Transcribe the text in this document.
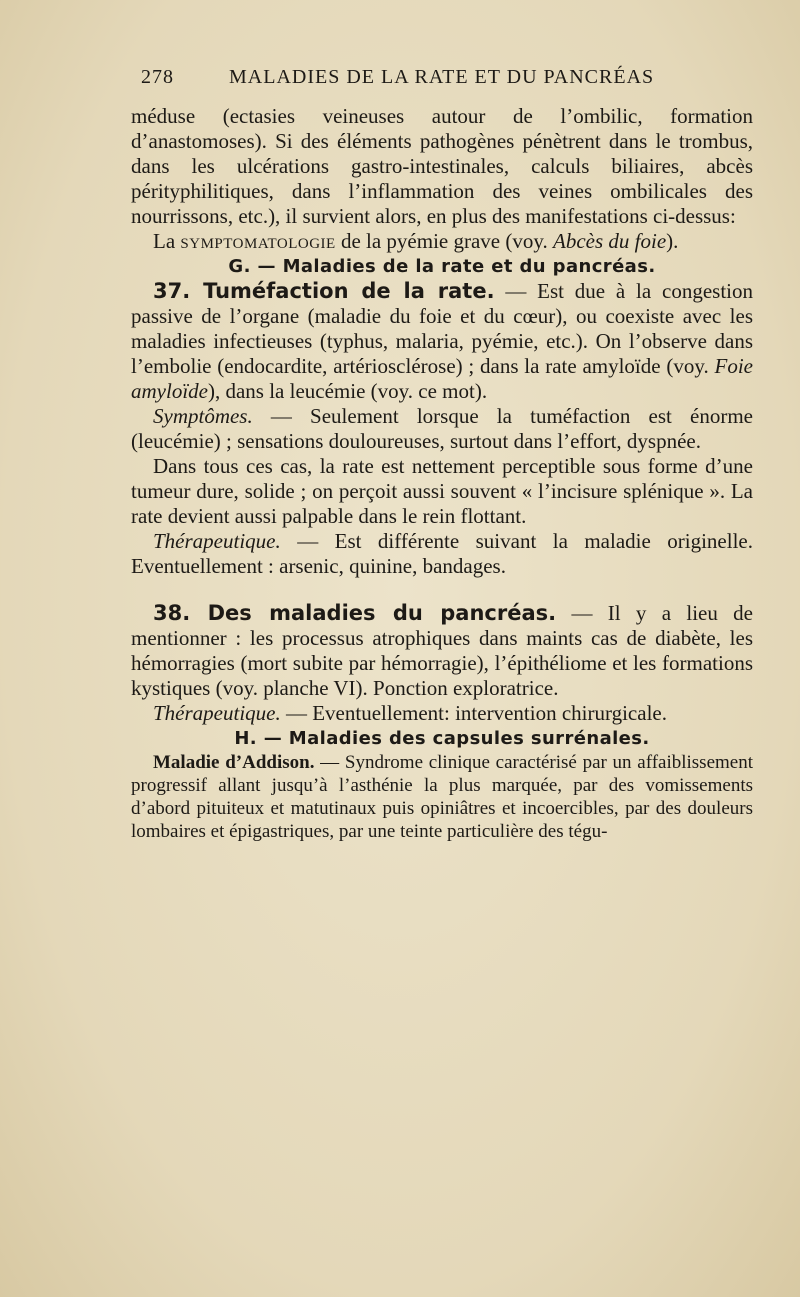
278	MALADIES DE LA RATE ET DU PANCRÉAS

méduse (ectasies veineuses autour de l’ombilic, formation d’anastomoses). Si des éléments pathogènes pénètrent dans le trombus, dans les ulcérations gastro-intestinales, calculs biliaires, abcès pérityphilitiques, dans l’inflammation des veines ombilicales des nourrissons, etc.), il survient alors, en plus des manifestations ci-dessus:

La symptomatologie de la pyémie grave (voy. Abcès du foie).

G. — Maladies de la rate et du pancréas.

37. Tuméfaction de la rate. — Est due à la congestion passive de l’organe (maladie du foie et du cœur), ou coexiste avec les maladies infectieuses (typhus, malaria, pyémie, etc.). On l’observe dans l’embolie (endocardite, artériosclérose) ; dans la rate amyloïde (voy. Foie amyloïde), dans la leucémie (voy. ce mot).

Symptômes. — Seulement lorsque la tuméfaction est énorme (leucémie) ; sensations douloureuses, surtout dans l’effort, dyspnée.

Dans tous ces cas, la rate est nettement perceptible sous forme d’une tumeur dure, solide ; on perçoit aussi souvent « l’incisure splénique ». La rate devient aussi palpable dans le rein flottant.

Thérapeutique. — Est différente suivant la maladie originelle. Eventuellement : arsenic, quinine, bandages.

38. Des maladies du pancréas. — Il y a lieu de mentionner : les processus atrophiques dans maints cas de diabète, les hémorragies (mort subite par hémorragie), l’épithéliome et les formations kystiques (voy. planche VI). Ponction exploratrice.

Thérapeutique. — Eventuellement: intervention chirurgicale.

H. — Maladies des capsules surrénales.

Maladie d’Addison. — Syndrome clinique caractérisé par un affaiblissement progressif allant jusqu’à l’asthénie la plus marquée, par des vomissements d’abord pituiteux et matutinaux puis opiniâtres et incoercibles, par des douleurs lombaires et épigastriques, par une teinte particulière des tégu-
